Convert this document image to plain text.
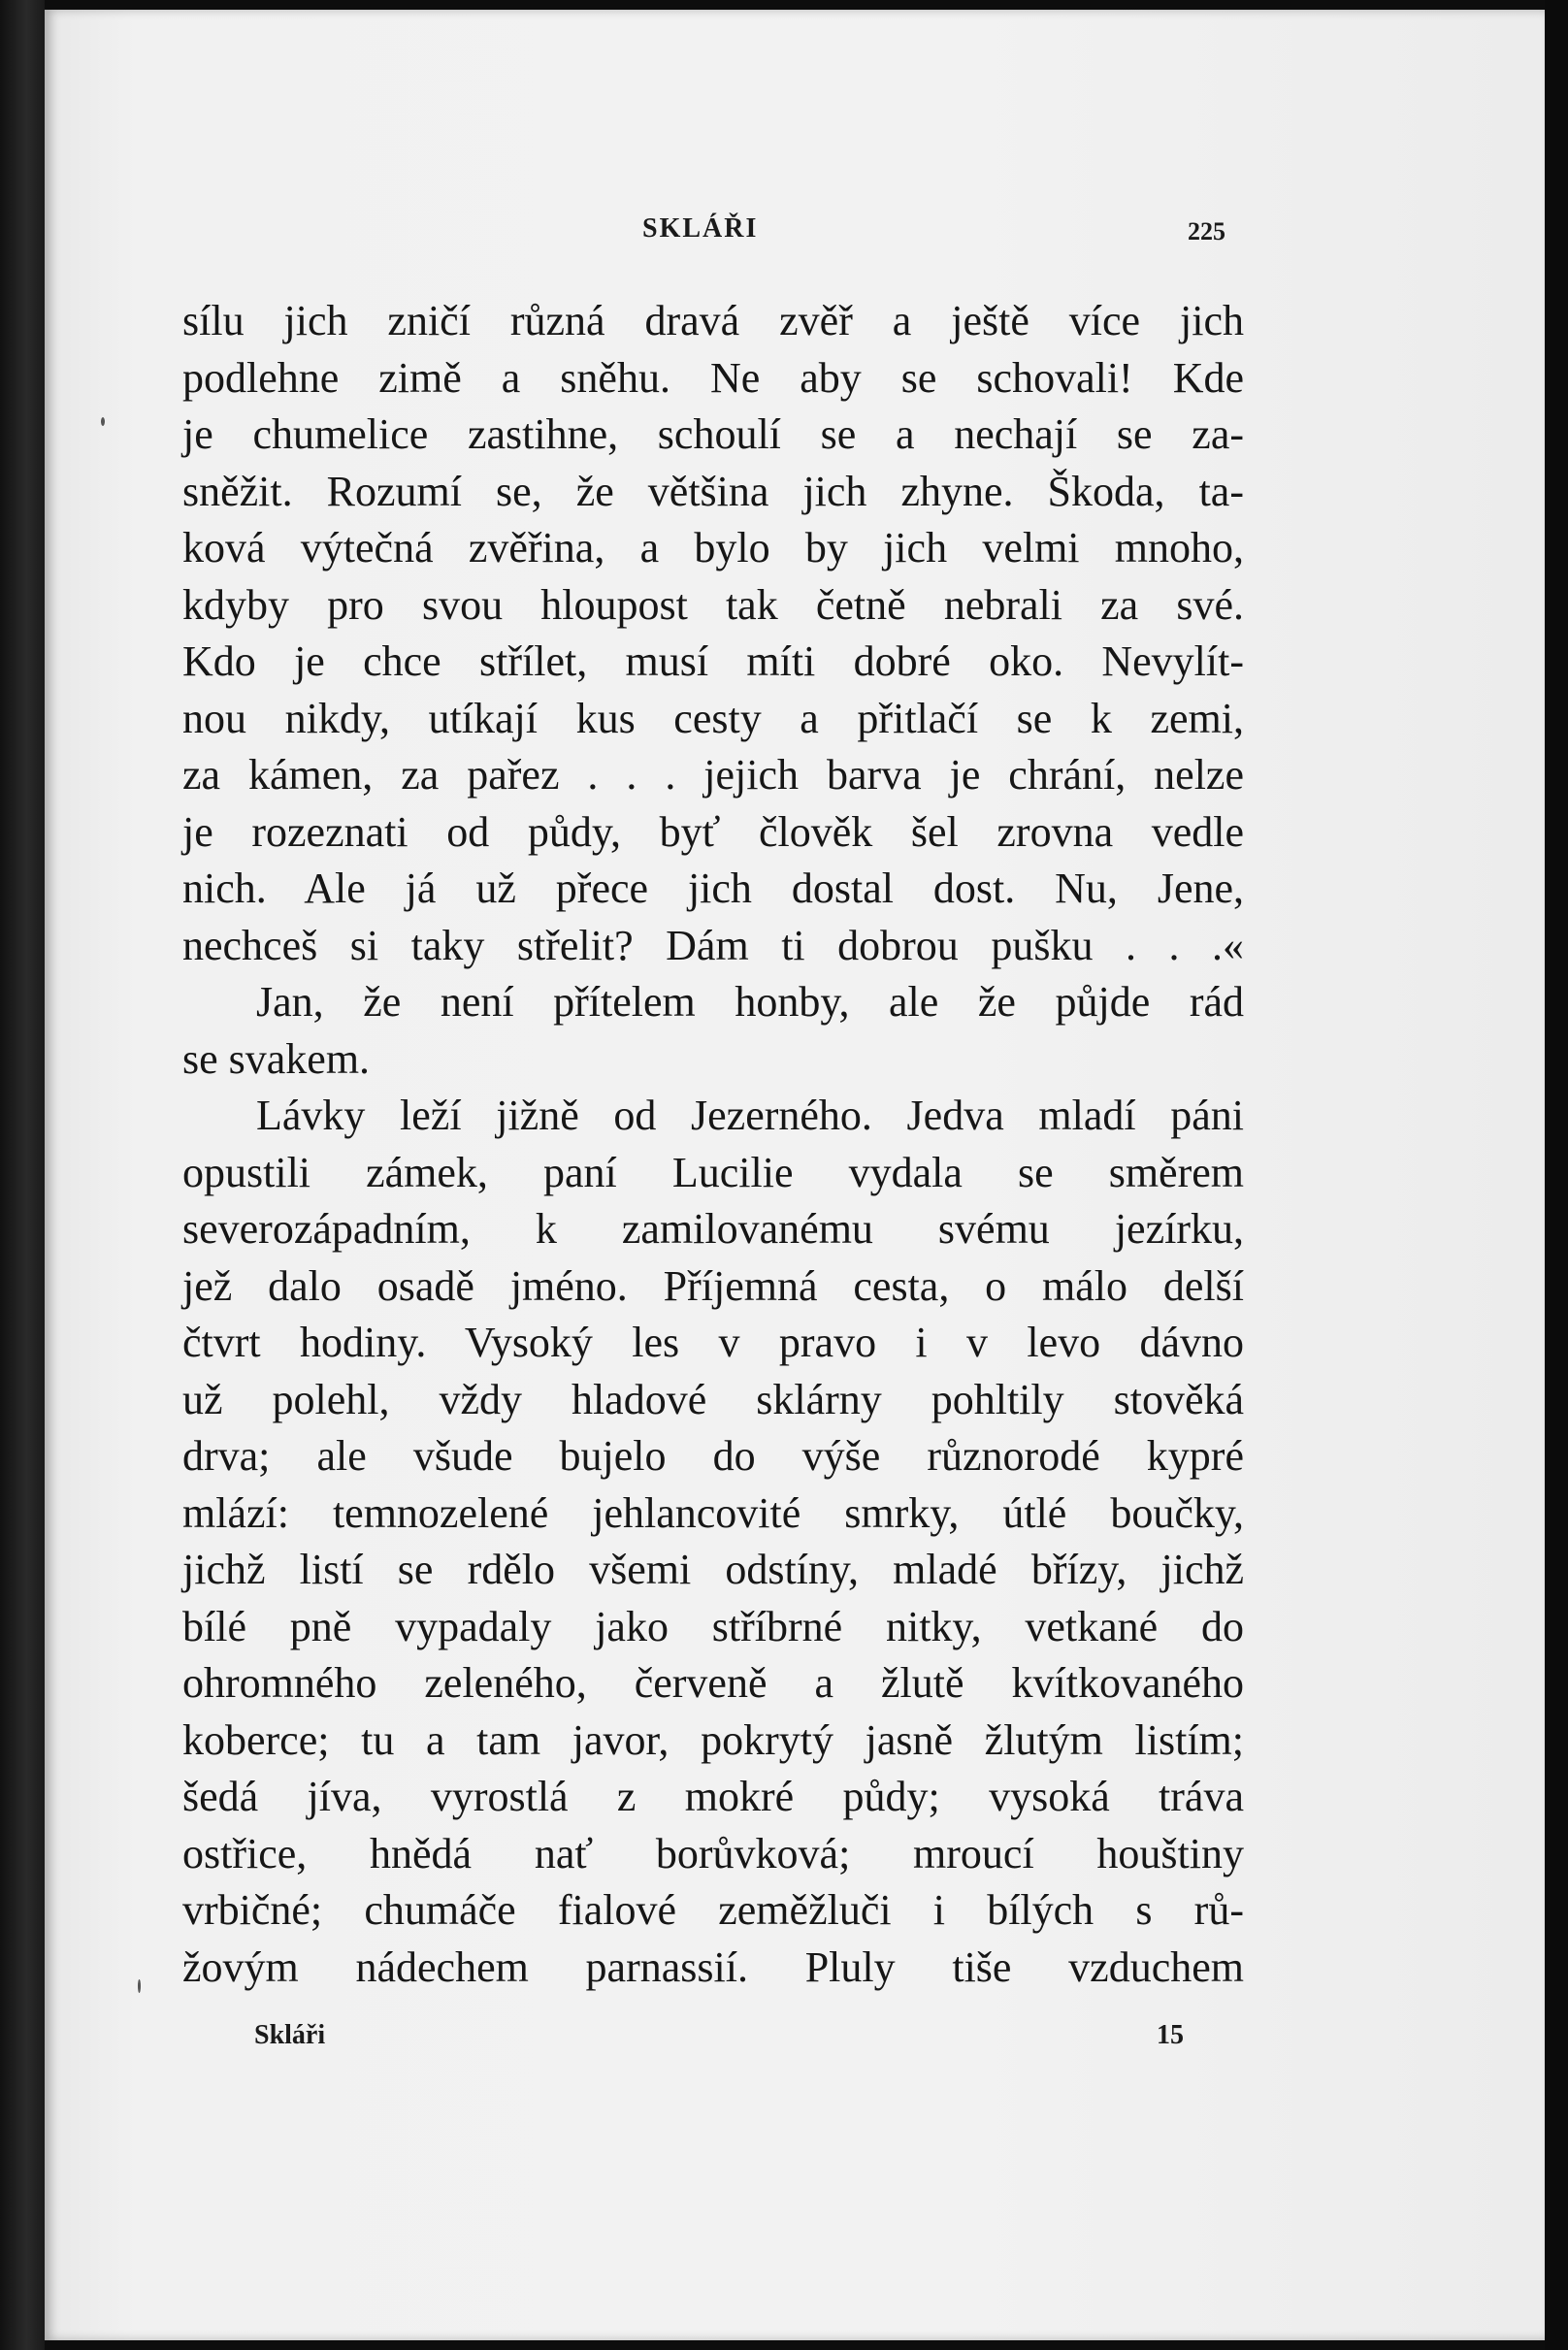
SKLÁŘI	225
sílu jich zničí různá dravá zvěř a ještě více jich
podlehne zimě a sněhu. Ne aby se schovali! Kde
je chumelice zastihne, schoulí se a nechají se za-
sněžit. Rozumí se, že většina jich zhyne. Škoda, ta-
ková výtečná zvěřina, a bylo by jich velmi mnoho,
kdyby pro svou hloupost tak četně nebrali za své.
Kdo je chce střílet, musí míti dobré oko. Nevylít-
nou nikdy, utíkají kus cesty a přitlačí se k zemi,
za kámen, za pařez . . . jejich barva je chrání, nelze
je rozeznati od půdy, byť člověk šel zrovna vedle
nich. Ale já už přece jich dostal dost. Nu, Jene,
nechceš si taky střelit? Dám ti dobrou pušku . . .«
Jan, že není přítelem honby, ale že půjde rád
se svakem.
Lávky leží jižně od Jezerného. Jedva mladí páni
opustili zámek, paní Lucilie vydala se směrem
severozápadním, k zamilovanému svému jezírku,
jež dalo osadě jméno. Příjemná cesta, o málo delší
čtvrt hodiny. Vysoký les v pravo i v levo dávno
už polehl, vždy hladové sklárny pohltily stověká
drva; ale všude bujelo do výše různorodé kypré
mlází: temnozelené jehlancovité smrky, útlé boučky,
jichž listí se rdělo všemi odstíny, mladé břízy, jichž
bílé pně vypadaly jako stříbrné nitky, vetkané do
ohromného zeleného, červeně a žlutě kvítkovaného
koberce; tu a tam javor, pokrytý jasně žlutým listím;
šedá jíva, vyrostlá z mokré půdy; vysoká tráva
ostřice, hnědá nať borůvková; mroucí houštiny
vrbičné; chumáče fialové zeměžluči i bílých s rů-
žovým nádechem parnassií. Pluly tiše vzduchem
Skláři	15
